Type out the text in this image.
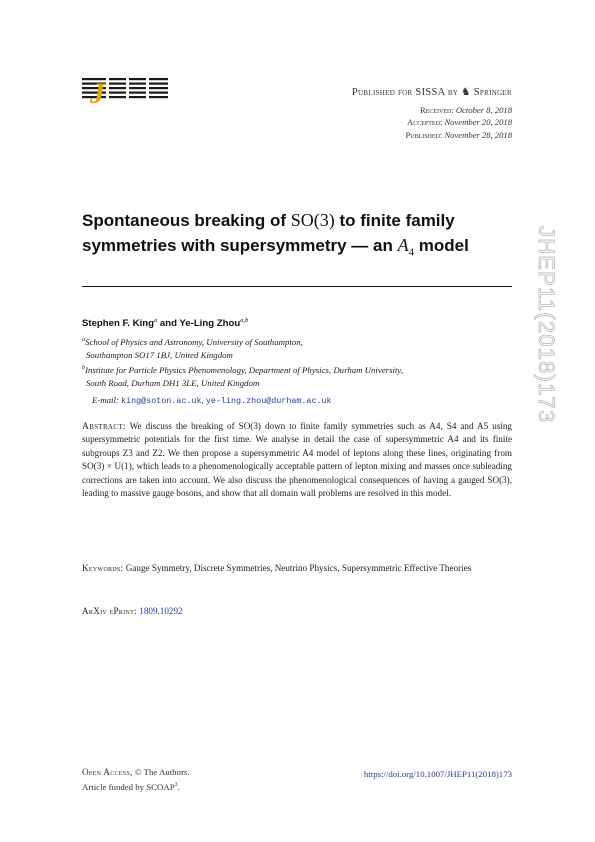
J	Published for SISSA by ♞ Springer
Received: October 8, 2018
Accepted: November 20, 2018
Published: November 28, 2018
Spontaneous breaking of SO(3) to finite family
symmetries with supersymmetry — an $A_4$ model
Stephen F. King$^a$ and Ye-Ling Zhou$^{a,b}$
$^a$School of Physics and Astronomy, University of Southampton,
Southampton SO17 1BJ, United Kingdom
$^b$Institute for Particle Physics Phenomenology, Department of Physics, Durham University,
South Road, Durham DH1 3LE, United Kingdom
E-mail: king@soton.ac.uk, ye-ling.zhou@durham.ac.uk
Abstract: We discuss the breaking of SO(3) down to finite family symmetries such as A4, S4 and A5 using supersymmetric potentials for the first time. We analyse in detail the case of supersymmetric A4 and its finite subgroups Z3 and Z2. We then propose a supersymmetric A4 model of leptons along these lines, originating from SO(3) × U(1), which leads to a phenomenologically acceptable pattern of lepton mixing and masses once subleading corrections are taken into account. We also discuss the phenomenological consequences of having a gauged SO(3), leading to massive gauge bosons, and show that all domain wall problems are resolved in this model.
Keywords: Gauge Symmetry, Discrete Symmetries, Neutrino Physics, Supersymmetric Effective Theories
ArXiv ePrint: 1809.10292
JHEP11(2018)173
Open Access, © The Authors.
Article funded by SCOAP$^3$.
https://doi.org/10.1007/JHEP11(2018)173
